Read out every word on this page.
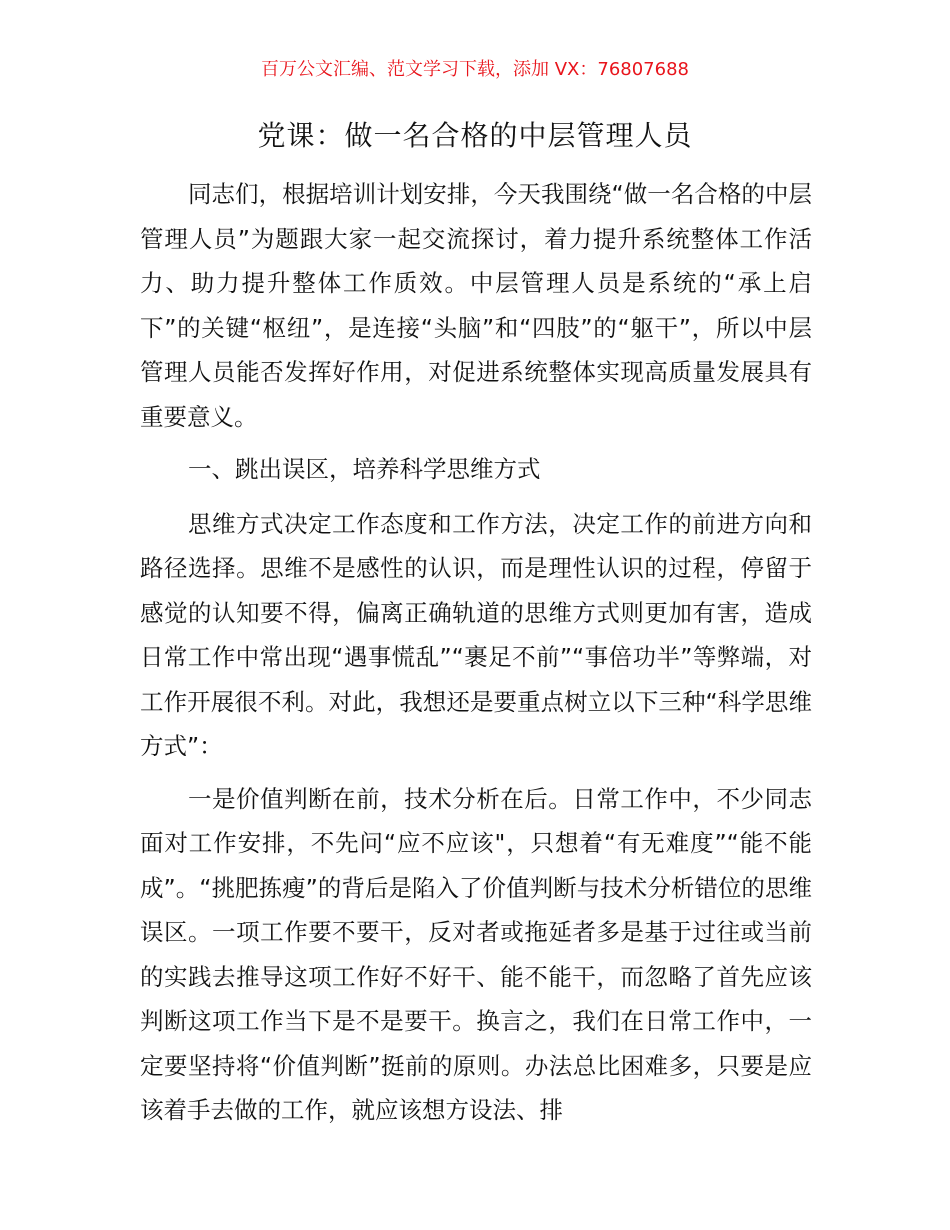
百万公文汇编、范文学习下载，添加 VX：76807688
党课：做一名合格的中层管理人员

同志们，根据培训计划安排，今天我围绕“做一名合格的中层管理人员”为题跟大家一起交流探讨，着力提升系统整体工作活力、助力提升整体工作质效。中层管理人员是系统的“承上启下”的关键“枢纽”，是连接“头脑”和“四肢”的“躯干”，所以中层管理人员能否发挥好作用，对促进系统整体实现高质量发展具有重要意义。

一、跳出误区，培养科学思维方式

思维方式决定工作态度和工作方法，决定工作的前进方向和路径选择。思维不是感性的认识，而是理性认识的过程，停留于感觉的认知要不得，偏离正确轨道的思维方式则更加有害，造成日常工作中常出现“遇事慌乱”“裹足不前”“事倍功半”等弊端，对工作开展很不利。对此，我想还是要重点树立以下三种“科学思维方式”：

一是价值判断在前，技术分析在后。日常工作中，不少同志面对工作安排，不先问“应不应该"，只想着“有无难度”“能不能成”。“挑肥拣瘦”的背后是陷入了价值判断与技术分析错位的思维误区。一项工作要不要干，反对者或拖延者多是基于过往或当前的实践去推导这项工作好不好干、能不能干，而忽略了首先应该判断这项工作当下是不是要干。换言之，我们在日常工作中，一定要坚持将“价值判断”挺前的原则。办法总比困难多，只要是应该着手去做的工作，就应该想方设法、排
